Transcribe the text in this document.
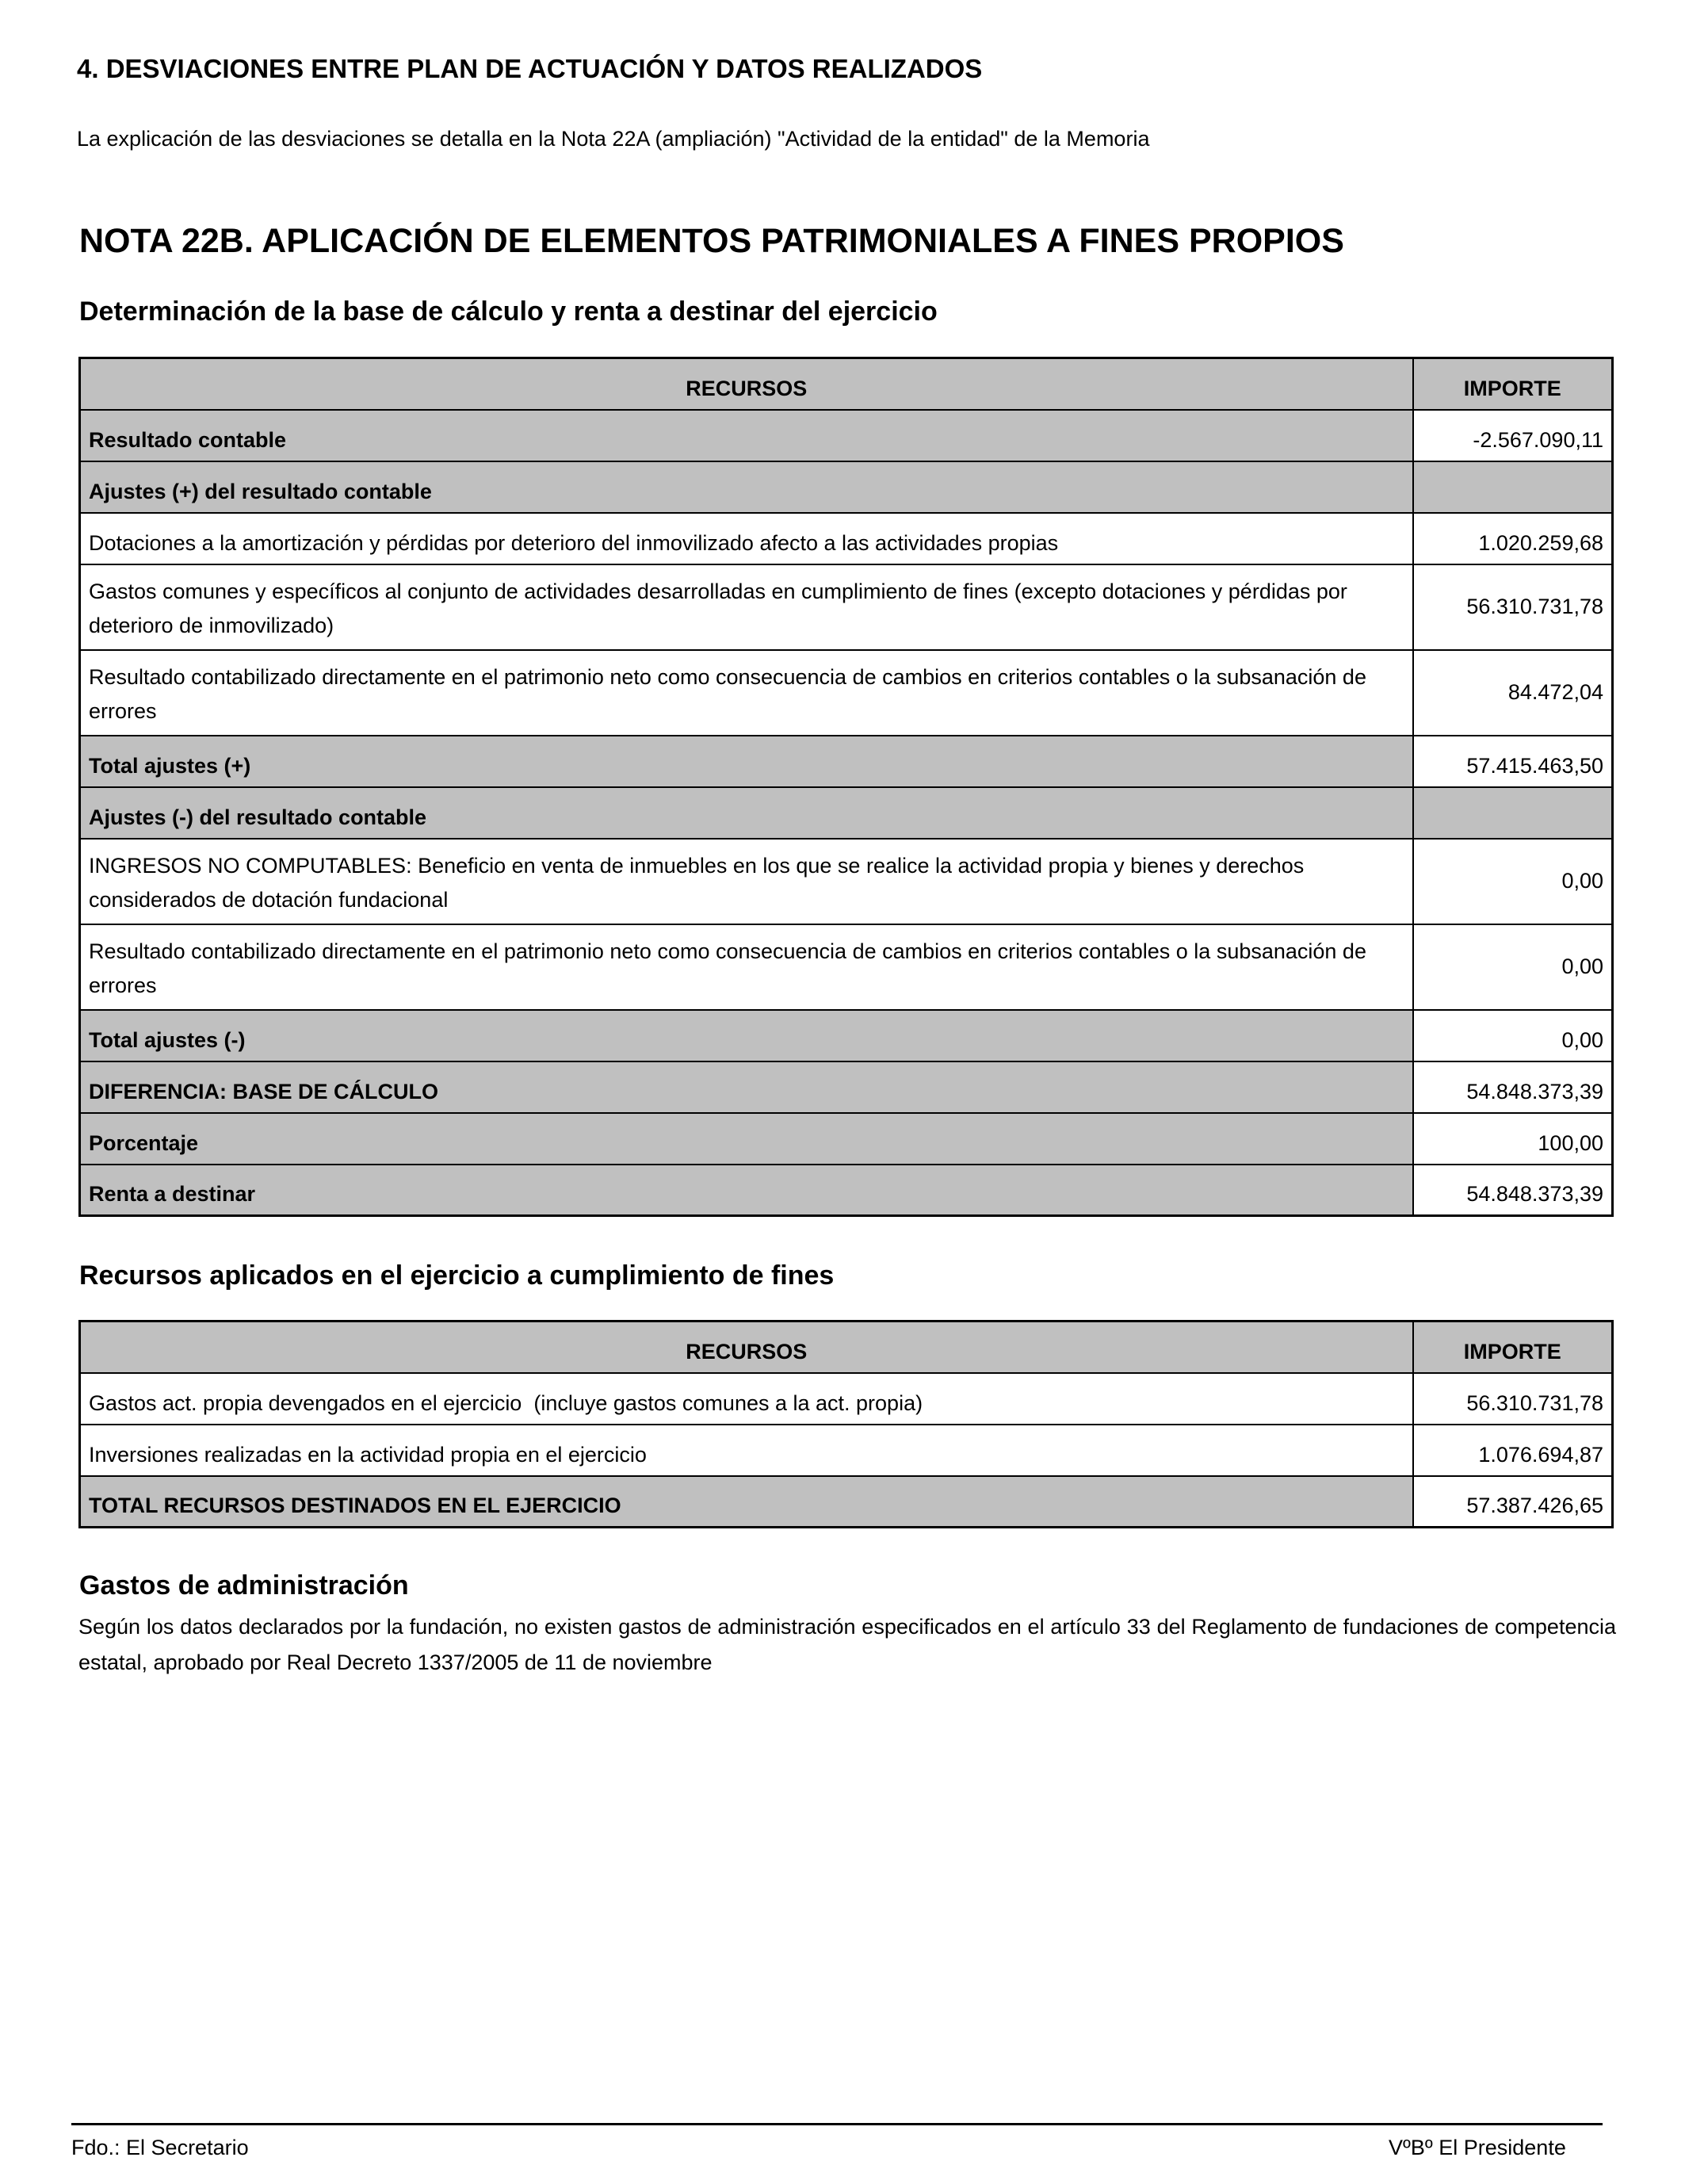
4. DESVIACIONES ENTRE PLAN DE ACTUACIÓN Y DATOS REALIZADOS
La explicación de las desviaciones se detalla en la Nota 22A (ampliación) "Actividad de la entidad" de la Memoria
NOTA 22B. APLICACIÓN DE ELEMENTOS PATRIMONIALES A FINES PROPIOS
Determinación de la base de cálculo y renta a destinar del ejercicio
RECURSOS	IMPORTE
Resultado contable	-2.567.090,11
Ajustes (+) del resultado contable	
Dotaciones a la amortización y pérdidas por deterioro del inmovilizado afecto a las actividades propias	1.020.259,68
Gastos comunes y específicos al conjunto de actividades desarrolladas en cumplimiento de fines (excepto dotaciones y pérdidas por deterioro de inmovilizado)	56.310.731,78
Resultado contabilizado directamente en el patrimonio neto como consecuencia de cambios en criterios contables o la subsanación de errores	84.472,04
Total ajustes (+)	57.415.463,50
Ajustes (-) del resultado contable	
INGRESOS NO COMPUTABLES: Beneficio en venta de inmuebles en los que se realice la actividad propia y bienes y derechos considerados de dotación fundacional	0,00
Resultado contabilizado directamente en el patrimonio neto como consecuencia de cambios en criterios contables o la subsanación de errores	0,00
Total ajustes (-)	0,00
DIFERENCIA: BASE DE CÁLCULO	54.848.373,39
Porcentaje	100,00
Renta a destinar	54.848.373,39
Recursos aplicados en el ejercicio a cumplimiento de fines
RECURSOS	IMPORTE
Gastos act. propia devengados en el ejercicio  (incluye gastos comunes a la act. propia)	56.310.731,78
Inversiones realizadas en la actividad propia en el ejercicio	1.076.694,87
TOTAL RECURSOS DESTINADOS EN EL EJERCICIO	57.387.426,65
Gastos de administración
Según los datos declarados por la fundación, no existen gastos de administración especificados en el artículo 33 del Reglamento de fundaciones de competencia estatal, aprobado por Real Decreto 1337/2005 de 11 de noviembre
Fdo.: El Secretario	VºBº El Presidente
